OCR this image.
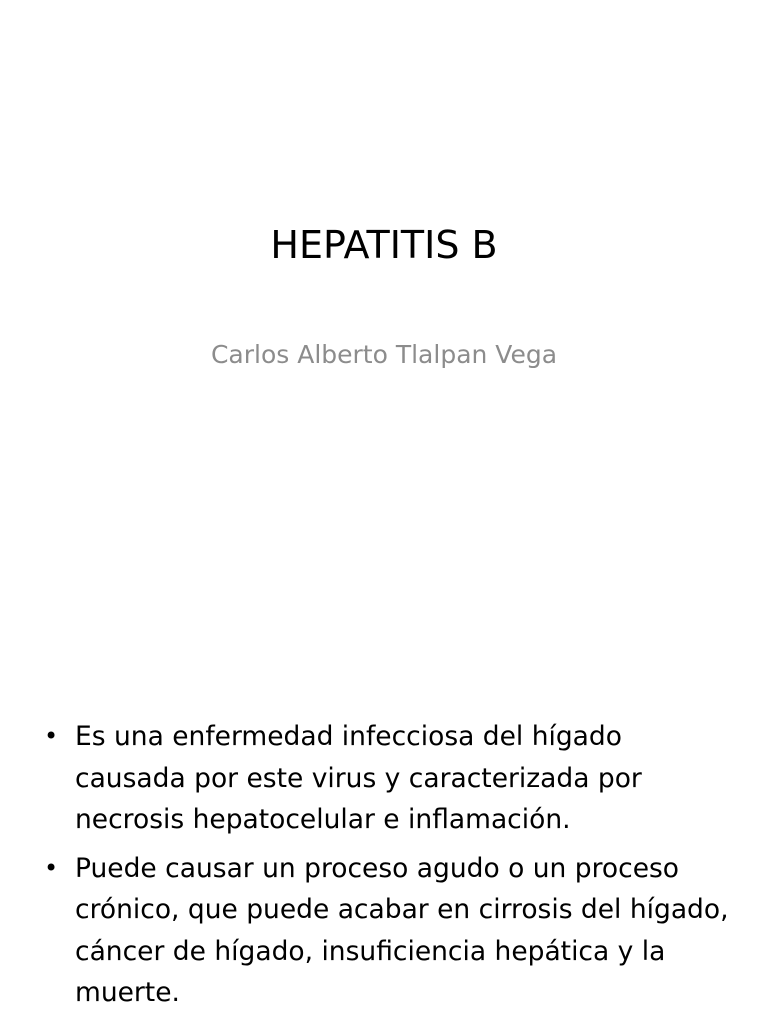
HEPATITIS B
Carlos Alberto Tlalpan Vega
• Es una enfermedad infecciosa del hígado causada por este virus y caracterizada por necrosis hepatocelular e inflamación.
• Puede causar un proceso agudo o un proceso crónico, que puede acabar en cirrosis del hígado, cáncer de hígado, insuficiencia hepática y la muerte.
